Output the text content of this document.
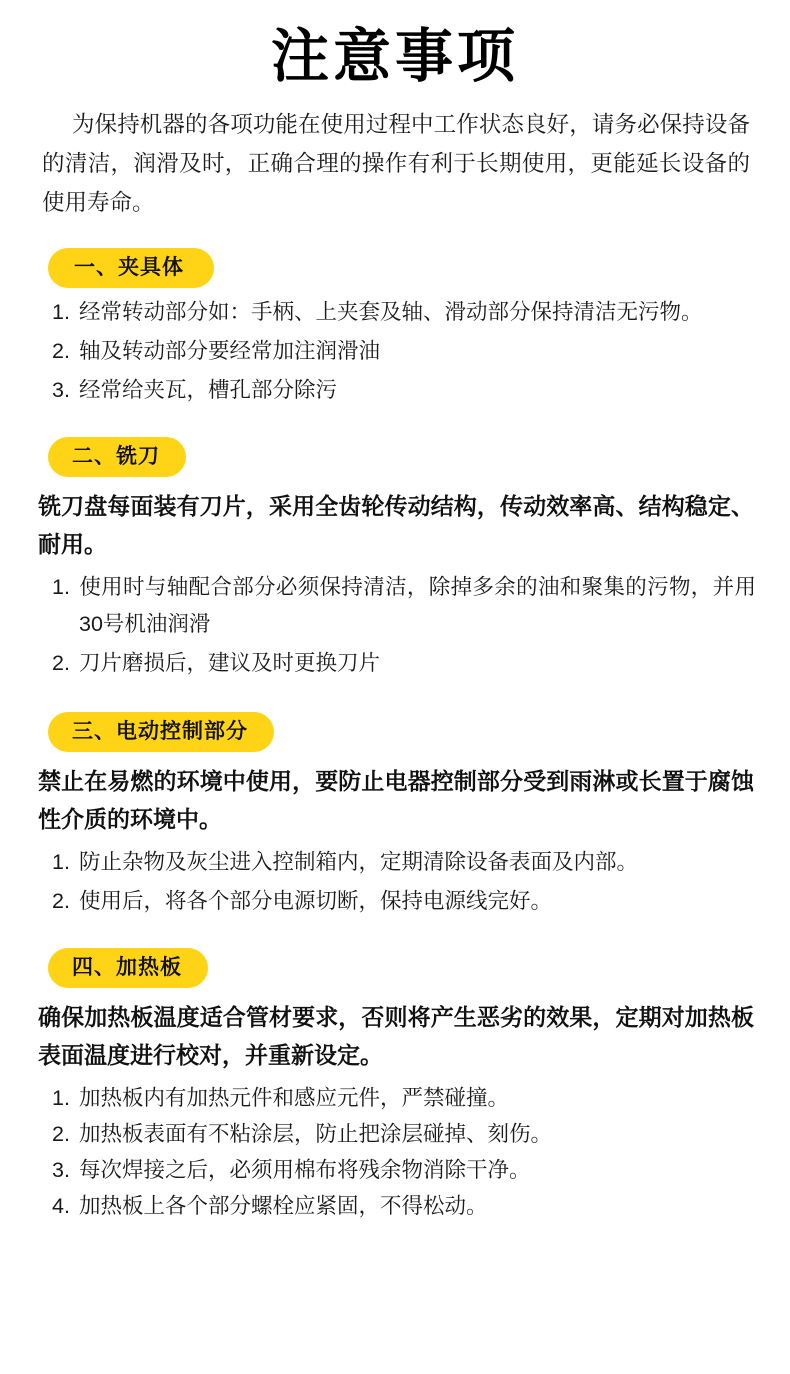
注意事项

为保持机器的各项功能在使用过程中工作状态良好，请务必保持设备的清洁，润滑及时，正确合理的操作有利于长期使用，更能延长设备的使用寿命。

一、夹具体
1. 经常转动部分如：手柄、上夹套及轴、滑动部分保持清洁无污物。
2. 轴及转动部分要经常加注润滑油
3. 经常给夹瓦，槽孔部分除污
二、铣刀

铣刀盘每面装有刀片，采用全齿轮传动结构，传动效率高、结构稳定、耐用。

1. 使用时与轴配合部分必须保持清洁，除掉多余的油和聚集的污物，并用30号机油润滑
2. 刀片磨损后，建议及时更换刀片
三、电动控制部分

禁止在易燃的环境中使用，要防止电器控制部分受到雨淋或长置于腐蚀性介质的环境中。

1. 防止杂物及灰尘进入控制箱内，定期清除设备表面及内部。
2. 使用后，将各个部分电源切断，保持电源线完好。
四、加热板

确保加热板温度适合管材要求，否则将产生恶劣的效果，定期对加热板表面温度进行校对，并重新设定。

1. 加热板内有加热元件和感应元件，严禁碰撞。
2. 加热板表面有不粘涂层，防止把涂层碰掉、刻伤。
3. 每次焊接之后，必须用棉布将残余物消除干净。
4. 加热板上各个部分螺栓应紧固，不得松动。
